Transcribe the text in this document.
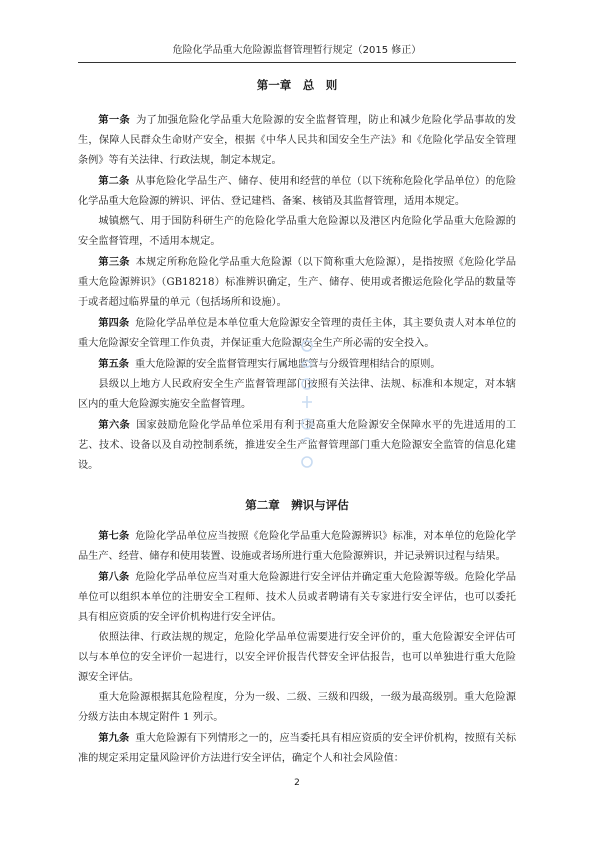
危险化学品重大危险源监督管理暂行规定（2015 修正）
第一章　总　则

第一条 为了加强危险化学品重大危险源的安全监督管理，防止和减少危险化学品事故的发生，保障人民群众生命财产安全，根据《中华人民共和国安全生产法》和《危险化学品安全管理条例》等有关法律、行政法规，制定本规定。

第二条 从事危险化学品生产、储存、使用和经营的单位（以下统称危险化学品单位）的危险化学品重大危险源的辨识、评估、登记建档、备案、核销及其监督管理，适用本规定。

城镇燃气、用于国防科研生产的危险化学品重大危险源以及港区内危险化学品重大危险源的安全监督管理，不适用本规定。

第三条 本规定所称危险化学品重大危险源（以下简称重大危险源），是指按照《危险化学品重大危险源辨识》（GB18218）标准辨识确定，生产、储存、使用或者搬运危险化学品的数量等于或者超过临界量的单元（包括场所和设施）。

第四条 危险化学品单位是本单位重大危险源安全管理的责任主体，其主要负责人对本单位的重大危险源安全管理工作负责，并保证重大危险源安全生产所必需的安全投入。

第五条 重大危险源的安全监督管理实行属地监管与分级管理相结合的原则。

县级以上地方人民政府安全生产监督管理部门按照有关法律、法规、标准和本规定，对本辖区内的重大危险源实施安全监督管理。

第六条 国家鼓励危险化学品单位采用有利于提高重大危险源安全保障水平的先进适用的工艺、技术、设备以及自动控制系统，推进安全生产监督管理部门重大危险源安全监管的信息化建设。

第二章　辨识与评估

第七条 危险化学品单位应当按照《危险化学品重大危险源辨识》标准，对本单位的危险化学品生产、经营、储存和使用装置、设施或者场所进行重大危险源辨识，并记录辨识过程与结果。

第八条 危险化学品单位应当对重大危险源进行安全评估并确定重大危险源等级。危险化学品单位可以组织本单位的注册安全工程师、技术人员或者聘请有关专家进行安全评估，也可以委托具有相应资质的安全评价机构进行安全评估。

依照法律、行政法规的规定，危险化学品单位需要进行安全评价的，重大危险源安全评估可以与本单位的安全评价一起进行，以安全评价报告代替安全评估报告，也可以单独进行重大危险源安全评估。

重大危险源根据其危险程度，分为一级、二级、三级和四级，一级为最高级别。重大危险源分级方法由本规定附件 1 列示。

第九条 重大危险源有下列情形之一的，应当委托具有相应资质的安全评价机构，按照有关标准的规定采用定量风险评价方法进行安全评估，确定个人和社会风险值：

2
